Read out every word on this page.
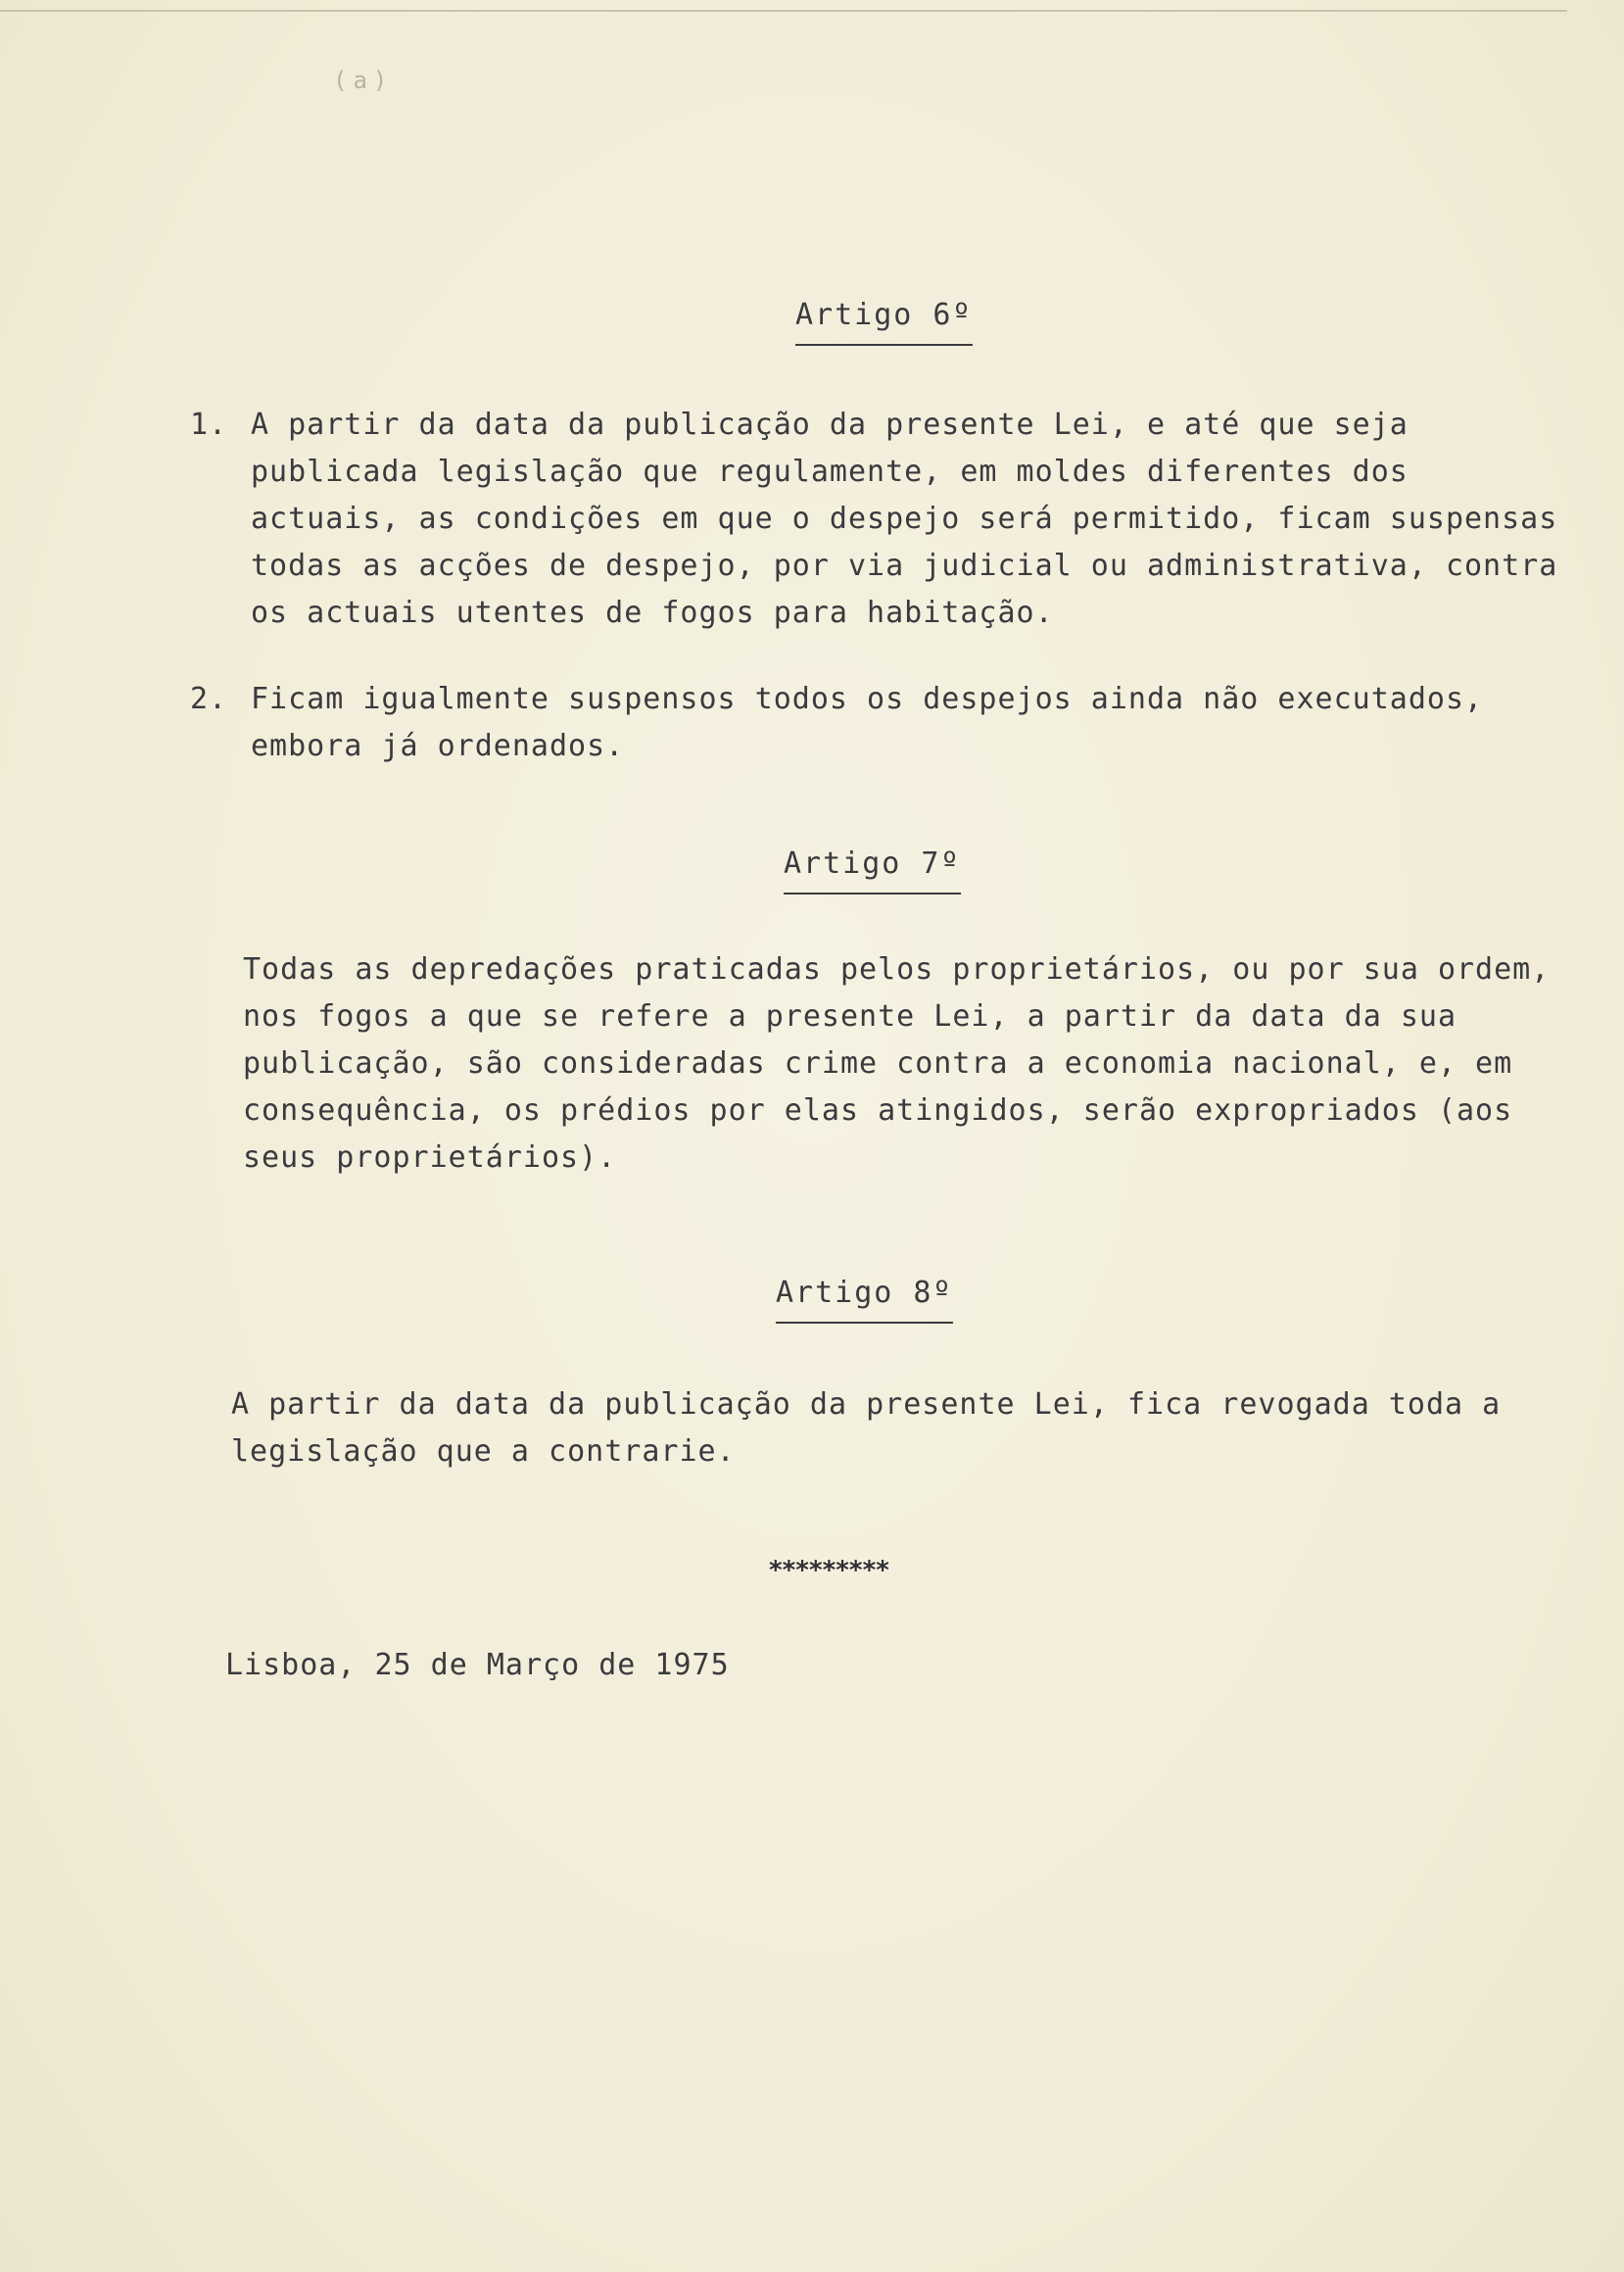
(a)
Artigo 6º
1. A partir da data da publicação da presente Lei, e até que seja publicada legislação que regulamente, em moldes diferentes dos actuais, as condições em que o despejo será permitido, ficam suspensas todas as acções de despejo, por via judicial ou administrativa, contra os actuais utentes de fogos para habitação.
2. Ficam igualmente suspensos todos os despejos ainda não executados, embora já ordenados.
Artigo 7º
Todas as depredações praticadas pelos proprietários, ou por sua ordem, nos fogos a que se refere a presente Lei, a partir da data da sua publicação, são consideradas crime contra a economia nacional, e, em consequência, os prédios por elas atingidos, serão expropriados (aos seus proprietários).
Artigo 8º
A partir da data da publicação da presente Lei, fica revogada toda a legislação que a contrarie.
*********
Lisboa, 25 de Março de 1975
